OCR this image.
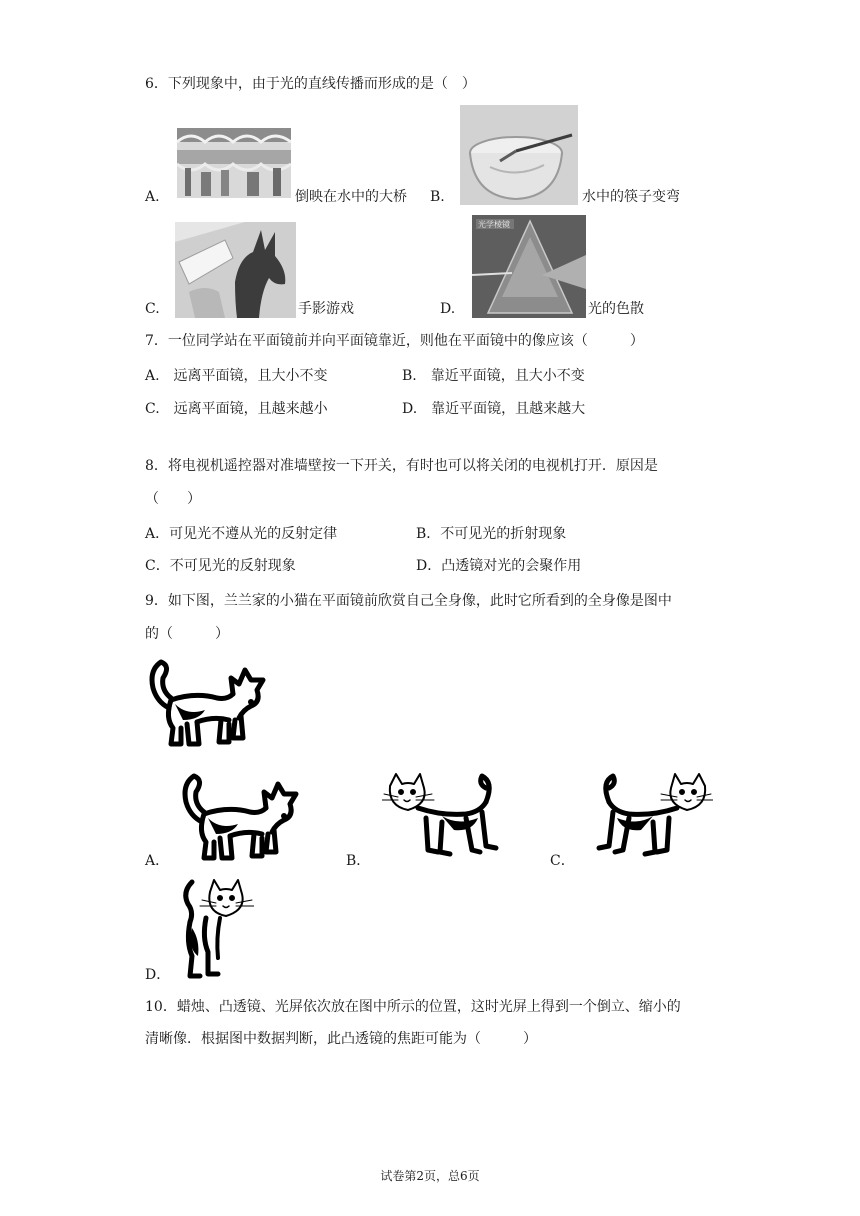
6．下列现象中，由于光的直线传播而形成的是（　）
A.	倒映在水中的大桥 B.	水中的筷子变弯
C.	手影游戏
光学棱镜
D.	光的色散
7．一位同学站在平面镜前并向平面镜靠近，则他在平面镜中的像应该（　　　）
A.　远离平面镜，且大小不变	B.　靠近平面镜，且大小不变
C.　远离平面镜，且越来越小	D.　靠近平面镜，且越来越大
8．将电视机遥控器对准墙壁按一下开关，有时也可以将关闭的电视机打开．原因是
（　　）
A．可见光不遵从光的反射定律	B．不可见光的折射现象
C．不可见光的反射现象	D．凸透镜对光的会聚作用
9．如下图，兰兰家的小猫在平面镜前欣赏自己全身像，此时它所看到的全身像是图中
的（　　　）
A．	B．	C．
D．
10．蜡烛、凸透镜、光屏依次放在图中所示的位置，这时光屏上得到一个倒立、缩小的
清晰像．根据图中数据判断，此凸透镜的焦距可能为（　　　）
试卷第2页，总6页
